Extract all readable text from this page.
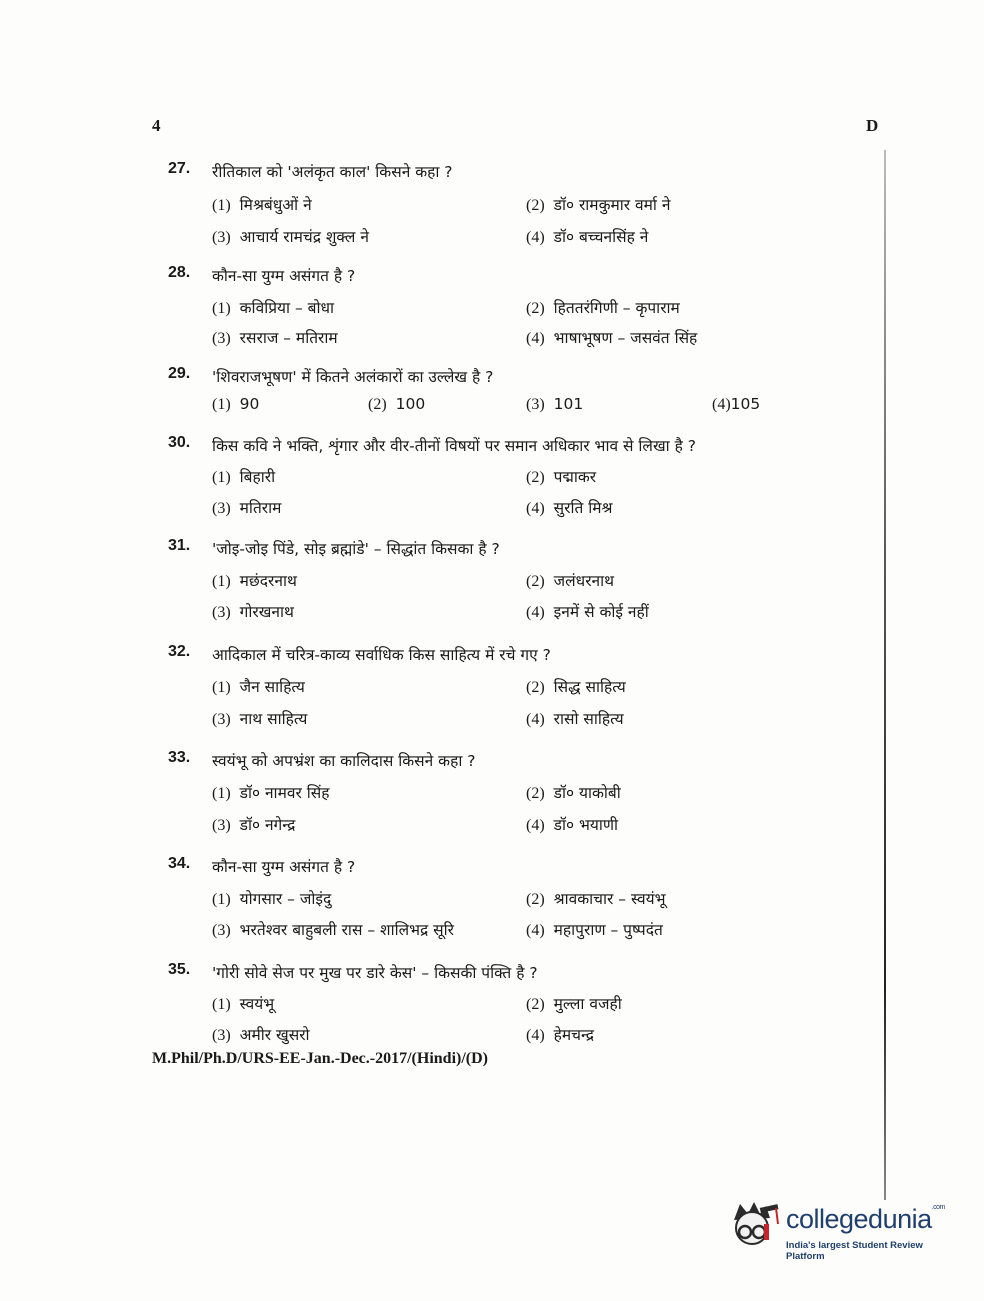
4	D
27. रीतिकाल को 'अलंकृत काल' किसने कहा ?
(1) मिश्रबंधुओं ने	(2) डॉ० रामकुमार वर्मा ने
(3) आचार्य रामचंद्र शुक्ल ने	(4) डॉ० बच्चनसिंह ने
28. कौन-सा युग्म असंगत है ?
(1) कविप्रिया – बोधा	(2) हिततरंगिणी – कृपाराम
(3) रसराज – मतिराम	(4) भाषाभूषण – जसवंत सिंह
29. 'शिवराजभूषण' में कितने अलंकारों का उल्लेख है ?
(1) 90	(2) 100	(3) 101	(4)105
30. किस कवि ने भक्ति, शृंगार और वीर-तीनों विषयों पर समान अधिकार भाव से लिखा है ?
(1) बिहारी	(2) पद्माकर
(3) मतिराम	(4) सुरति मिश्र
31. 'जोइ-जोइ पिंडे, सोइ ब्रह्मांडे' – सिद्धांत किसका है ?
(1) मछंदरनाथ	(2) जलंधरनाथ
(3) गोरखनाथ	(4) इनमें से कोई नहीं
32. आदिकाल में चरित्र-काव्य सर्वाधिक किस साहित्य में रचे गए ?
(1) जैन साहित्य	(2) सिद्ध साहित्य
(3) नाथ साहित्य	(4) रासो साहित्य
33. स्वयंभू को अपभ्रंश का कालिदास किसने कहा ?
(1) डॉ० नामवर सिंह	(2) डॉ० याकोबी
(3) डॉ० नगेन्द्र	(4) डॉ० भयाणी
34. कौन-सा युग्म असंगत है ?
(1) योगसार – जोइंदु	(2) श्रावकाचार – स्वयंभू
(3) भरतेश्वर बाहुबली रास – शालिभद्र सूरि	(4) महापुराण – पुष्पदंत
35. 'गोरी सोवे सेज पर मुख पर डारे केस' – किसकी पंक्ति है ?
(1) स्वयंभू	(2) मुल्ला वजही
(3) अमीर खुसरो	(4) हेमचन्द्र
M.Phil/Ph.D/URS-EE-Jan.-Dec.-2017/(Hindi)/(D)
collegedunia$^{.com}$
India's largest Student Review Platform
